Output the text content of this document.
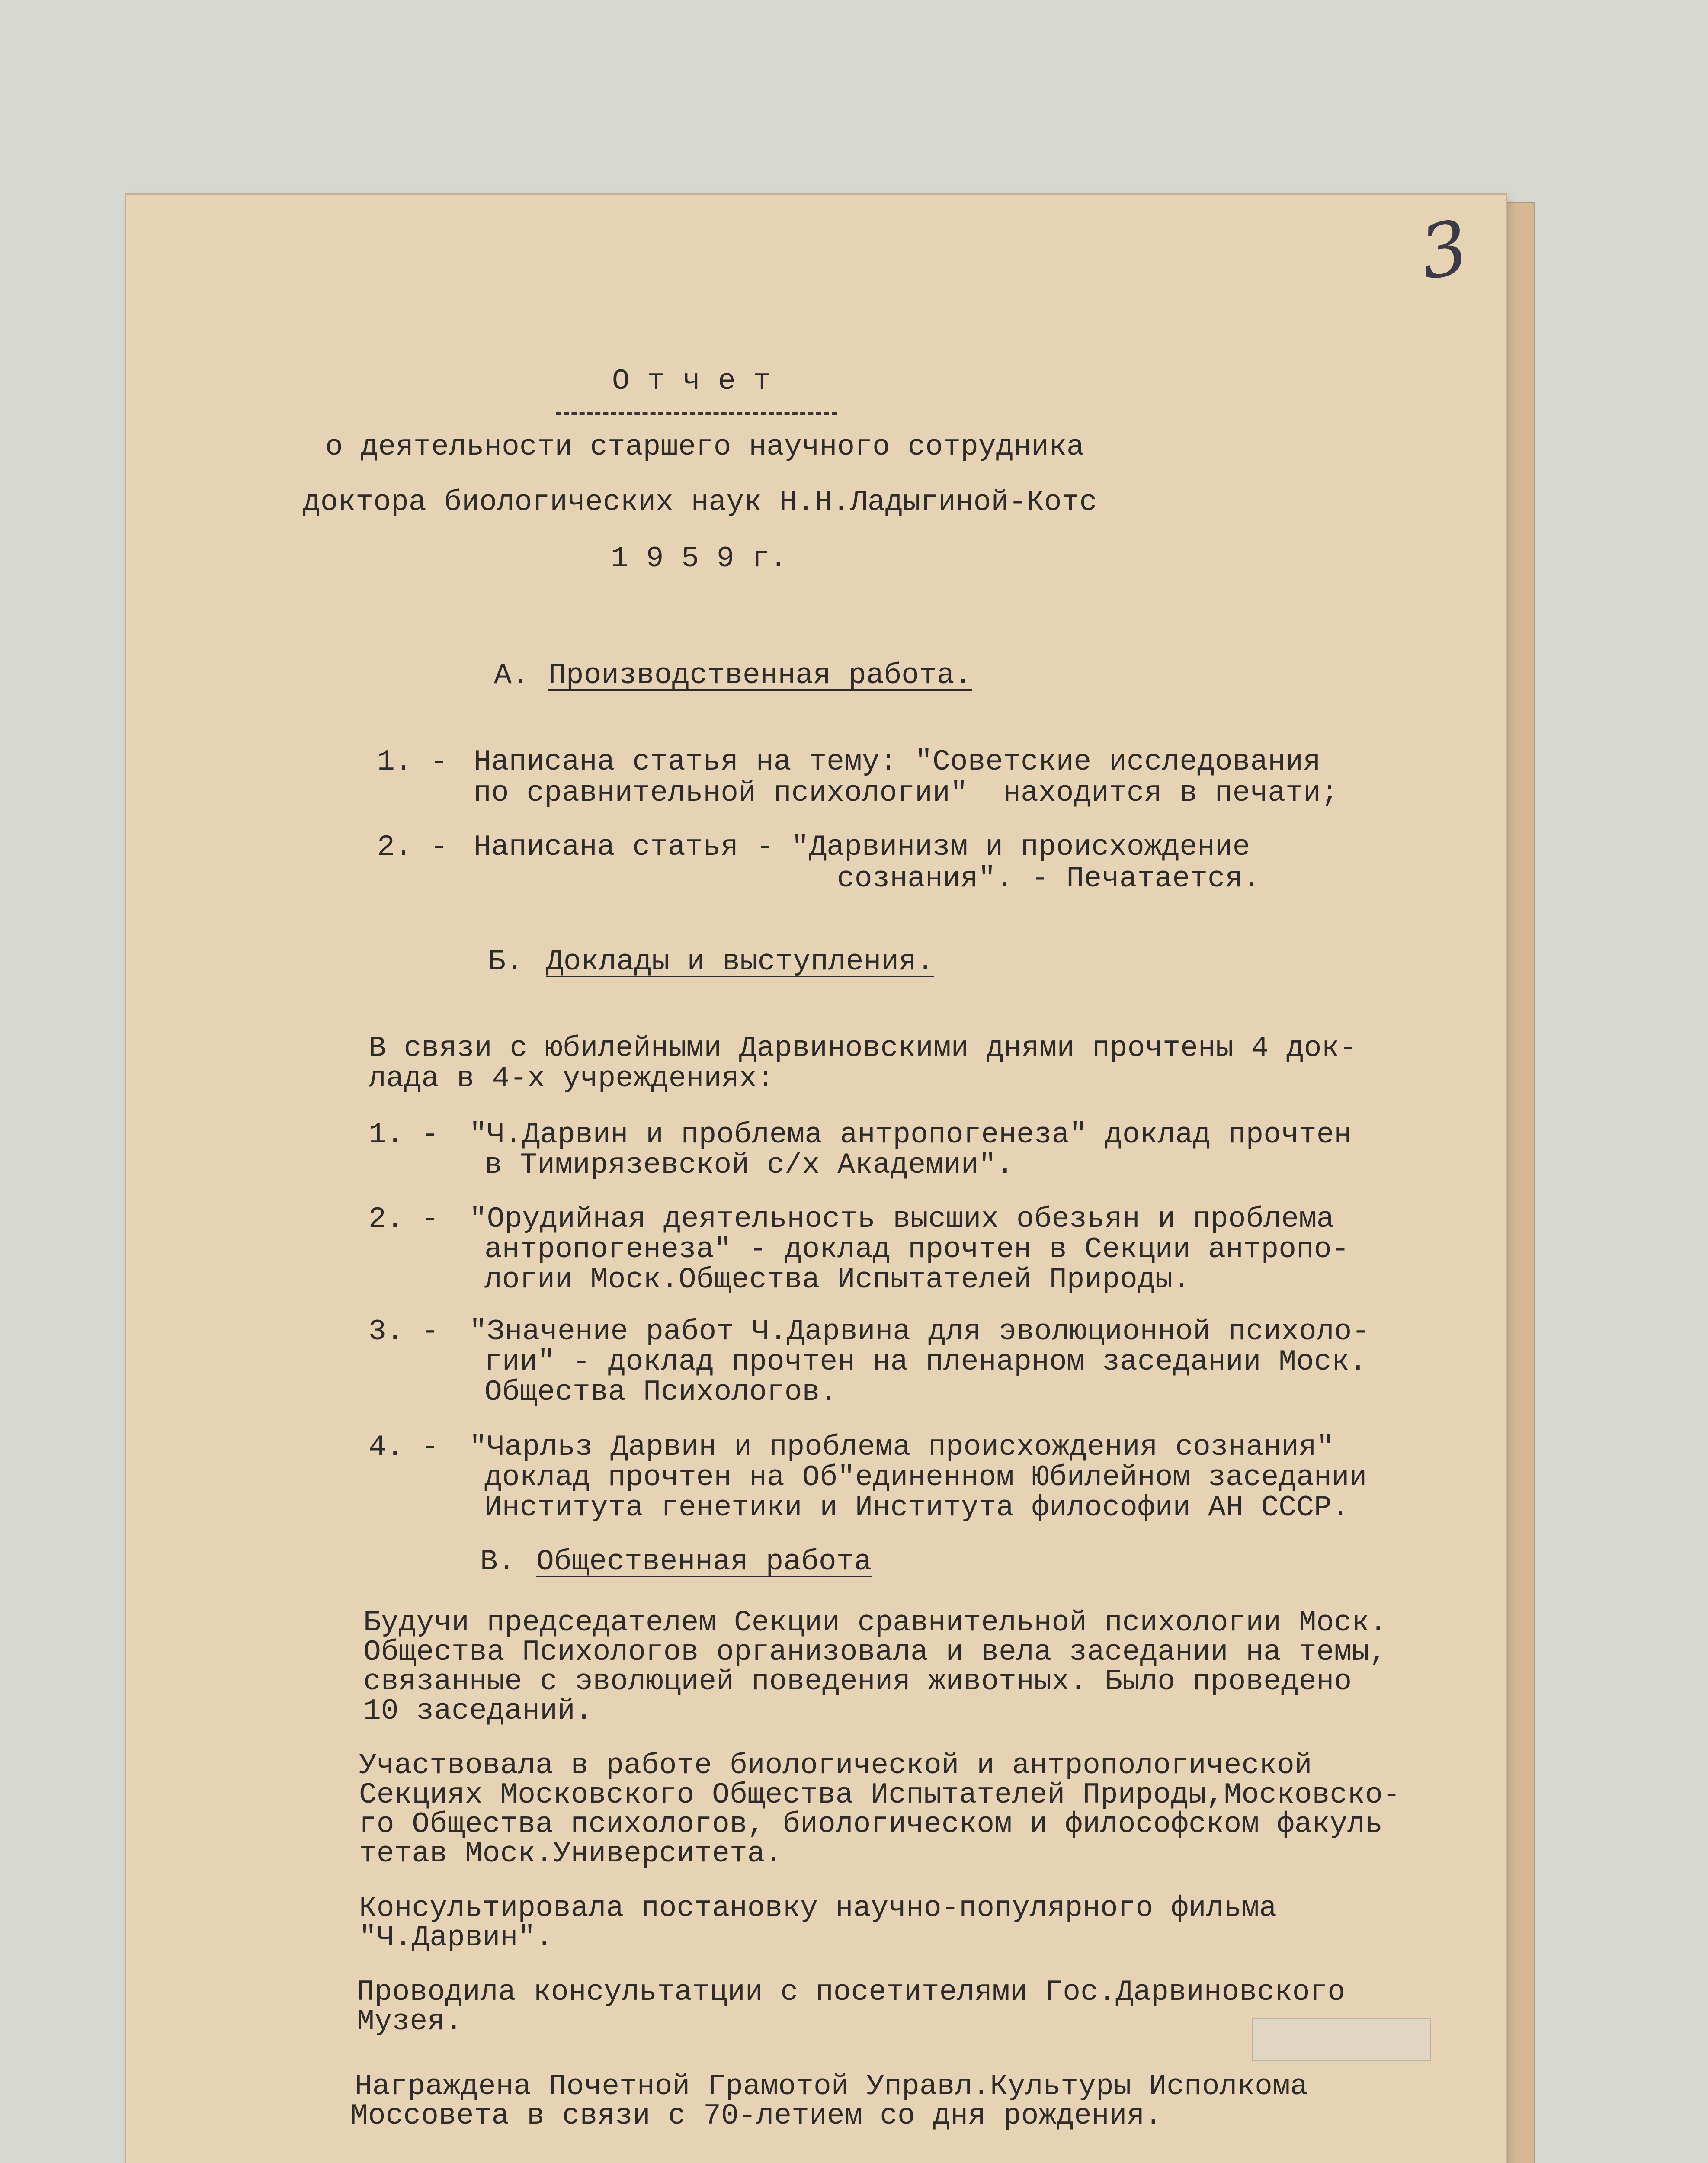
3
О т ч е т
о деятельности старшего научного сотрудника
доктора биологических наук Н.Н.Ладыгиной-Котс
1 9 5 9 г.
А. Производственная работа.
1. - Написана статья на тему: "Советские исследования
по сравнительной психологии"  находится в печати;
2. - Написана статья - "Дарвинизм и происхождение
сознания". - Печатается.
Б. Доклады и выступления.
В связи с юбилейными Дарвиновскими днями прочтены 4 док-
лада в 4-х учреждениях:
1. - "Ч.Дарвин и проблема антропогенеза" доклад прочтен
в Тимирязевской с/х Академии".
2. - "Орудийная деятельность высших обезьян и проблема
антропогенеза" - доклад прочтен в Секции антропо-
логии Моск.Общества Испытателей Природы.
3. - "Значение работ Ч.Дарвина для эволюционной психоло-
гии" - доклад прочтен на пленарном заседании Моск.
Общества Психологов.
4. - "Чарльз Дарвин и проблема происхождения сознания"
доклад прочтен на Об"единенном Юбилейном заседании
Института генетики и Института философии АН СССР.
В. Общественная работа
Будучи председателем Секции сравнительной психологии Моск.
Общества Психологов организовала и вела заседании на темы,
связанные с эволюцией поведения животных. Было проведено
10 заседаний.
Участвовала в работе биологической и антропологической
Секциях Московского Общества Испытателей Природы,Московско-
го Общества психологов, биологическом и философском факуль
тетав Моск.Университета.
Консультировала постановку научно-популярного фильма
"Ч.Дарвин".
Проводила консультатции с посетителями Гос.Дарвиновского
Музея.
Награждена Почетной Грамотой Управл.Культуры Исполкома
Моссовета в связи с 70-летием со дня рождения.
